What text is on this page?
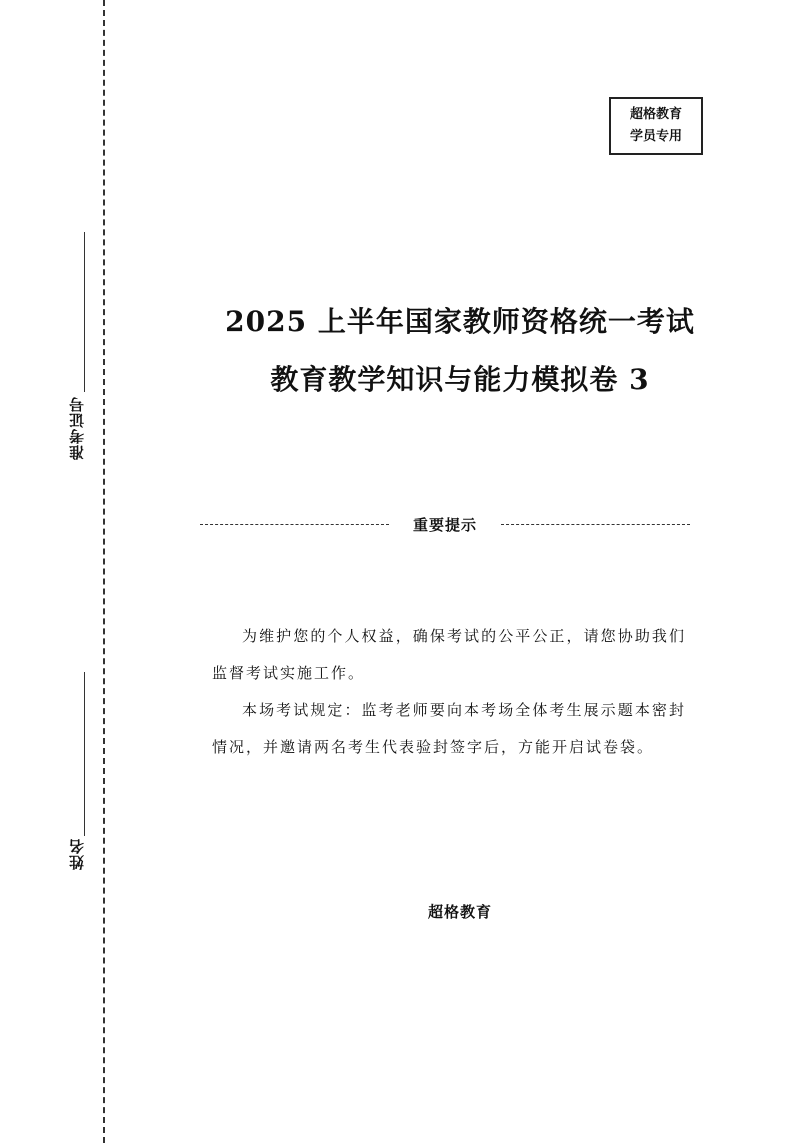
准考证号
姓名
超格教育
学员专用
2025 上半年国家教师资格统一考试
教育教学知识与能力模拟卷 3
重要提示

为维护您的个人权益，确保考试的公平公正，请您协助我们监督考试实施工作。

本场考试规定：监考老师要向本考场全体考生展示题本密封情况，并邀请两名考生代表验封签字后，方能开启试卷袋。

超格教育
